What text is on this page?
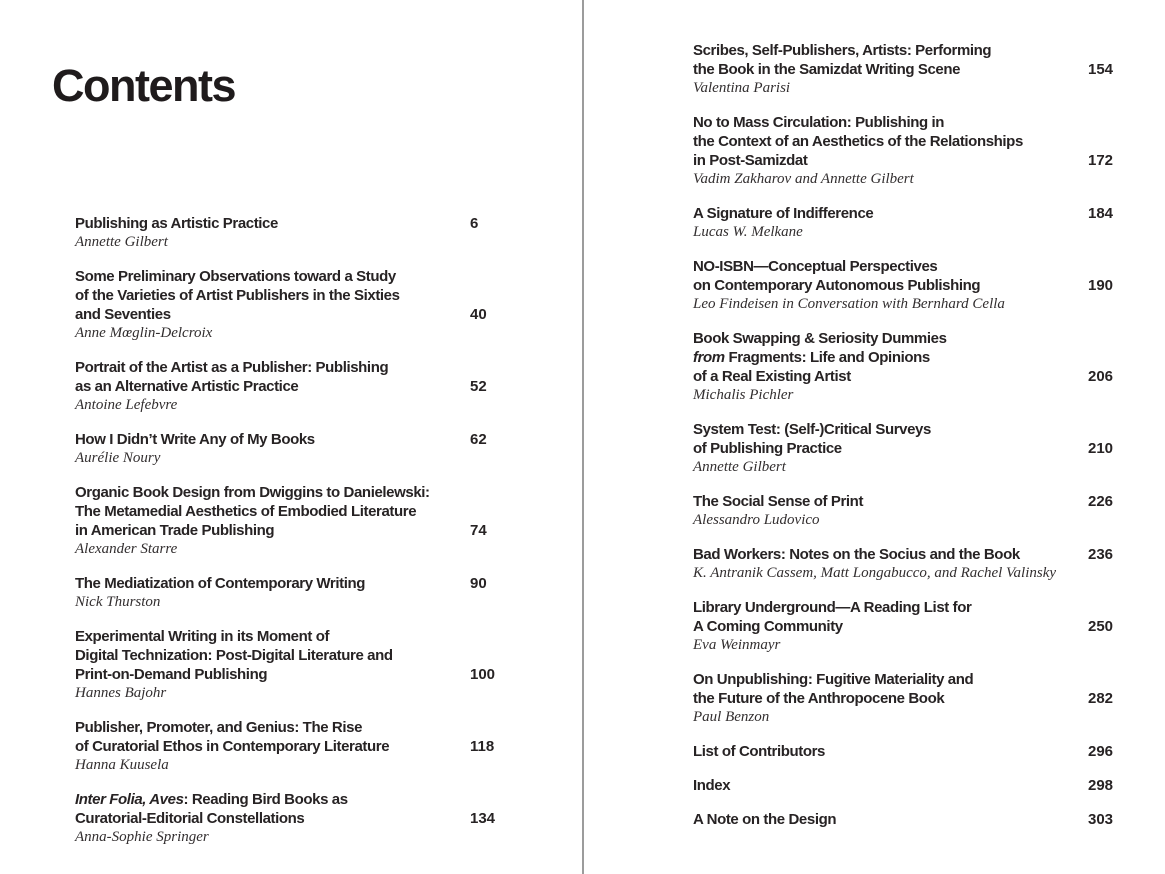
Contents
Publishing as Artistic Practice	6
Annette Gilbert
Some Preliminary Observations toward a Study
of the Varieties of Artist Publishers in the Sixties
and Seventies	40
Anne Mœglin-Delcroix
Portrait of the Artist as a Publisher: Publishing
as an Alternative Artistic Practice	52
Antoine Lefebvre
How I Didn’t Write Any of My Books	62
Aurélie Noury
Organic Book Design from Dwiggins to Danielewski:
The Metamedial Aesthetics of Embodied Literature
in American Trade Publishing	74
Alexander Starre
The Mediatization of Contemporary Writing	90
Nick Thurston
Experimental Writing in its Moment of
Digital Technization: Post-Digital Literature and
Print-on-Demand Publishing	100
Hannes Bajohr
Publisher, Promoter, and Genius: The Rise
of Curatorial Ethos in Contemporary Literature	118
Hanna Kuusela
Inter Folia, Aves: Reading Bird Books as
Curatorial-Editorial Constellations	134
Anna-Sophie Springer
Scribes, Self-Publishers, Artists: Performing
the Book in the Samizdat Writing Scene	154
Valentina Parisi
No to Mass Circulation: Publishing in
the Context of an Aesthetics of the Relationships
in Post-Samizdat	172
Vadim Zakharov and Annette Gilbert
A Signature of Indifference	184
Lucas W. Melkane
NO-ISBN—Conceptual Perspectives
on Contemporary Autonomous Publishing	190
Leo Findeisen in Conversation with Bernhard Cella
Book Swapping & Seriosity Dummies
from Fragments: Life and Opinions
of a Real Existing Artist	206
Michalis Pichler
System Test: (Self-)Critical Surveys
of Publishing Practice	210
Annette Gilbert
The Social Sense of Print	226
Alessandro Ludovico
Bad Workers: Notes on the Socius and the Book	236
K. Antranik Cassem, Matt Longabucco, and Rachel Valinsky
Library Underground—A Reading List for
A Coming Community	250
Eva Weinmayr
On Unpublishing: Fugitive Materiality and
the Future of the Anthropocene Book	282
Paul Benzon
List of Contributors	296
Index	298
A Note on the Design	303
